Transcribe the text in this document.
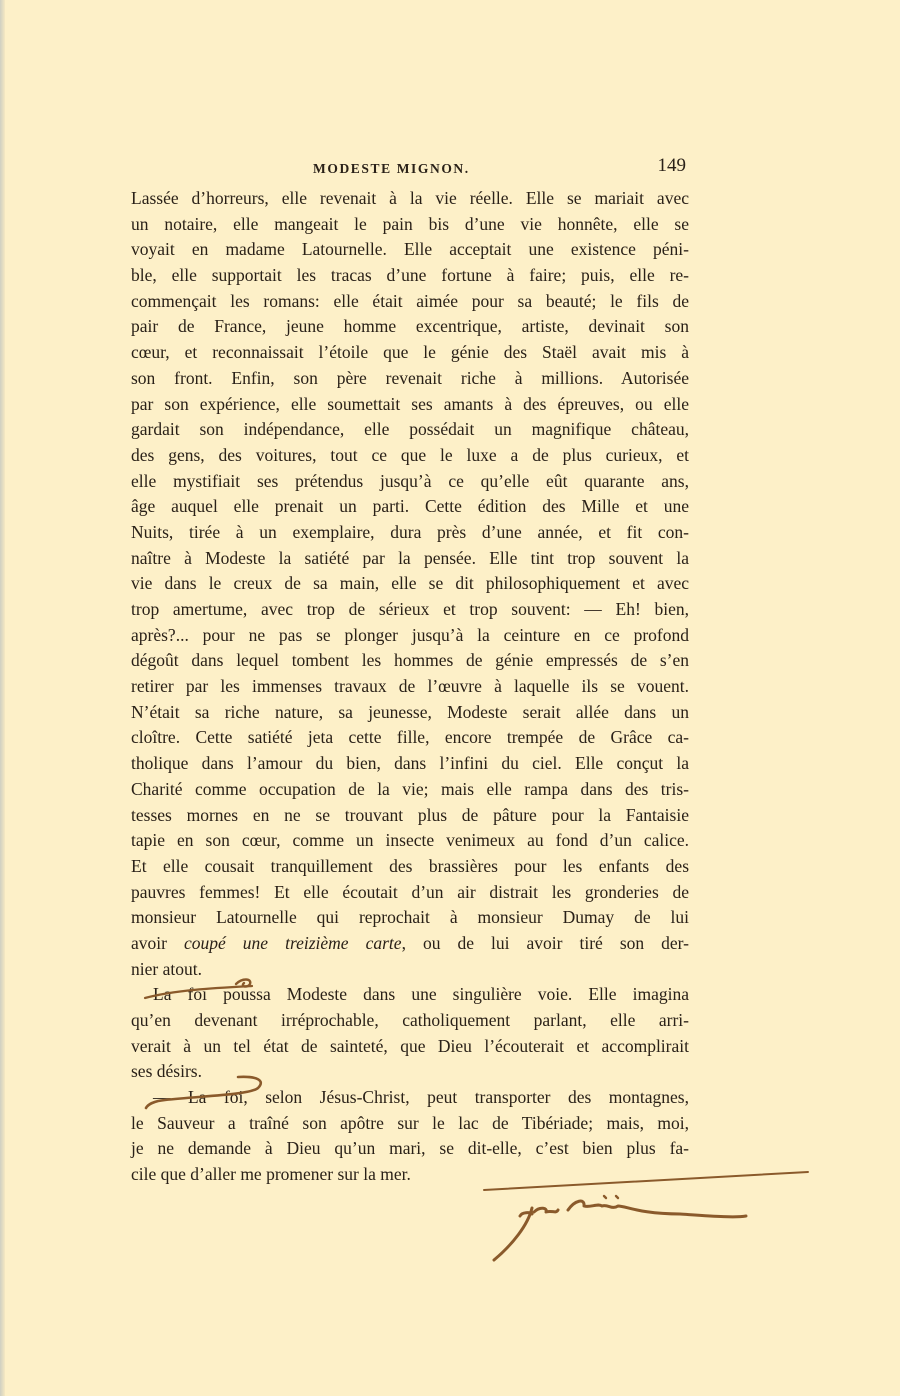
MODESTE MIGNON.	149
Lassée d’horreurs, elle revenait à la vie réelle. Elle se mariait avec
un notaire, elle mangeait le pain bis d’une vie honnête, elle se
voyait en madame Latournelle. Elle acceptait une existence péni-
ble, elle supportait les tracas d’une fortune à faire; puis, elle re-
commençait les romans: elle était aimée pour sa beauté; le fils de
pair de France, jeune homme excentrique, artiste, devinait son
cœur, et reconnaissait l’étoile que le génie des Staël avait mis à
son front. Enfin, son père revenait riche à millions. Autorisée
par son expérience, elle soumettait ses amants à des épreuves, ou elle
gardait son indépendance, elle possédait un magnifique château,
des gens, des voitures, tout ce que le luxe a de plus curieux, et
elle mystifiait ses prétendus jusqu’à ce qu’elle eût quarante ans,
âge auquel elle prenait un parti. Cette édition des Mille et une
Nuits, tirée à un exemplaire, dura près d’une année, et fit con-
naître à Modeste la satiété par la pensée. Elle tint trop souvent la
vie dans le creux de sa main, elle se dit philosophiquement et avec
trop amertume, avec trop de sérieux et trop souvent: — Eh! bien,
après?... pour ne pas se plonger jusqu’à la ceinture en ce profond
dégoût dans lequel tombent les hommes de génie empressés de s’en
retirer par les immenses travaux de l’œuvre à laquelle ils se vouent.
N’était sa riche nature, sa jeunesse, Modeste serait allée dans un
cloître. Cette satiété jeta cette fille, encore trempée de Grâce ca-
tholique dans l’amour du bien, dans l’infini du ciel. Elle conçut la
Charité comme occupation de la vie; mais elle rampa dans des tris-
tesses mornes en ne se trouvant plus de pâture pour la Fantaisie
tapie en son cœur, comme un insecte venimeux au fond d’un calice.
Et elle cousait tranquillement des brassières pour les enfants des
pauvres femmes! Et elle écoutait d’un air distrait les gronderies de
monsieur Latournelle qui reprochait à monsieur Dumay de lui
avoir coupé une treizième carte, ou de lui avoir tiré son der-
nier atout.
La foi poussa Modeste dans une singulière voie. Elle imagina
qu’en devenant irréprochable, catholiquement parlant, elle arri-
verait à un tel état de sainteté, que Dieu l’écouterait et accomplirait
ses désirs.
— La foi, selon Jésus-Christ, peut transporter des montagnes,
le Sauveur a traîné son apôtre sur le lac de Tibériade; mais, moi,
je ne demande à Dieu qu’un mari, se dit-elle, c’est bien plus fa-
cile que d’aller me promener sur la mer.
